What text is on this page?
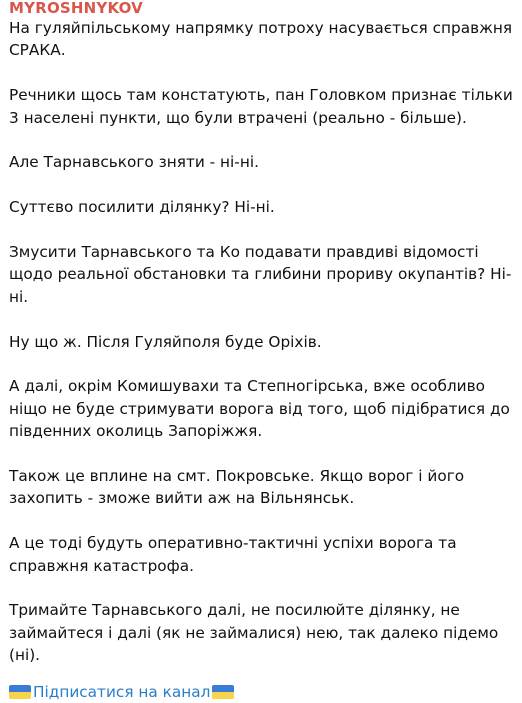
MYROSHNYKOV

На гуляйпільському напрямку потроху насувається справжня СРАКА.

Речники щось там констатують, пан Головком признає тільки 3 населені пункти, що були втрачені (реально - більше).

Але Тарнавського зняти - ні-ні.

Суттєво посилити ділянку? Ні-ні.

Змусити Тарнавського та Ко подавати правдиві відомості щодо реальної обстановки та глибини прориву окупантів? Ні-ні.

Ну що ж. Після Гуляйполя буде Оріхів.

А далі, окрім Комишувахи та Степногірська, вже особливо ніщо не буде стримувати ворога від того, щоб підібратися до південних околиць Запоріжжя.

Також це вплине на смт. Покровське. Якщо ворог і його захопить - зможе вийти аж на Вільнянськ.

А це тоді будуть оперативно-тактичні успіхи ворога та справжня катастрофа.

Тримайте Тарнавського далі, не посилюйте ділянку, не займайтеся і далі (як не займалися) нею, так далеко підемо (ні).

Підписатися на канал
